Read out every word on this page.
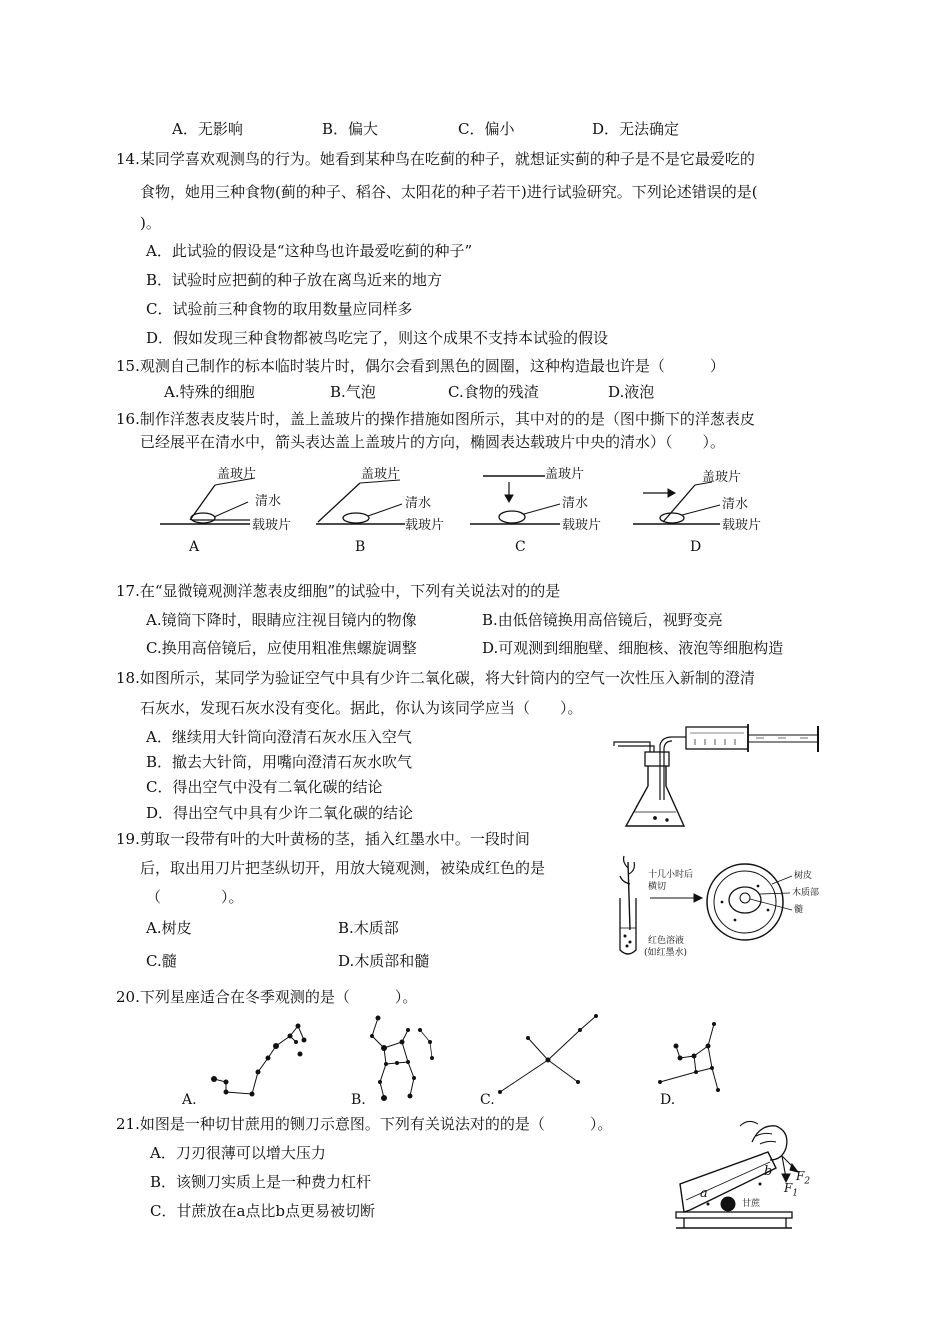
A．无影响	B．偏大	C．偏小	D．无法确定
14.某同学喜欢观测鸟的行为。她看到某种鸟在吃蓟的种子，就想证实蓟的种子是不是它最爱吃的
食物，她用三种食物(蓟的种子、稻谷、太阳花的种子若干)进行试验研究。下列论述错误的是(
)。
A．此试验的假设是“这种鸟也许最爱吃蓟的种子”
B．试验时应把蓟的种子放在离鸟近来的地方
C．试验前三种食物的取用数量应同样多
D．假如发现三种食物都被鸟吃完了，则这个成果不支持本试验的假设
15.观测自己制作的标本临时装片时，偶尔会看到黑色的圆圈，这种构造最也许是（　　　）
A.特殊的细胞	B.气泡	C.食物的残渣	D.液泡
16.制作洋葱表皮装片时，盖上盖玻片的操作措施如图所示，其中对的的是（图中撕下的洋葱表皮
已经展平在清水中，箭头表达盖上盖玻片的方向，椭圆表达载玻片中央的清水）（　　）。
盖玻片
清水
载玻片
A
盖玻片
清水
载玻片
B
盖玻片
清水
载玻片
C
盖玻片
清水
载玻片
D
17.在“显微镜观测洋葱表皮细胞”的试验中，下列有关说法对的的是
A.镜筒下降时，眼睛应注视目镜内的物像	B.由低倍镜换用高倍镜后，视野变亮
C.换用高倍镜后，应使用粗准焦螺旋调整	D.可观测到细胞壁、细胞核、液泡等细胞构造
18.如图所示，某同学为验证空气中具有少许二氧化碳，将大针筒内的空气一次性压入新制的澄清
石灰水，发现石灰水没有变化。据此，你认为该同学应当（　　）。
A．继续用大针筒向澄清石灰水压入空气
B．撤去大针筒，用嘴向澄清石灰水吹气
C．得出空气中没有二氧化碳的结论
D．得出空气中具有少许二氧化碳的结论
19.剪取一段带有叶的大叶黄杨的茎，插入红墨水中。一段时间
后，取出用刀片把茎纵切开，用放大镜观测，被染成红色的是
（　　　　）。
A.树皮	B.木质部
C.髓	D.木质部和髓
十几小时后
横切
红色溶液
(如红墨水)
树皮
木质部
髓
20.下列星座适合在冬季观测的是（　　　）。
A.	B.	C.	D.
21.如图是一种切甘蔗用的铡刀示意图。下列有关说法对的的是（　　　）。
A．刀刃很薄可以增大压力
B．该铡刀实质上是一种费力杠杆
C．甘蔗放在a点比b点更易被切断
a
b
$F_1$
$F_2$
甘蔗
